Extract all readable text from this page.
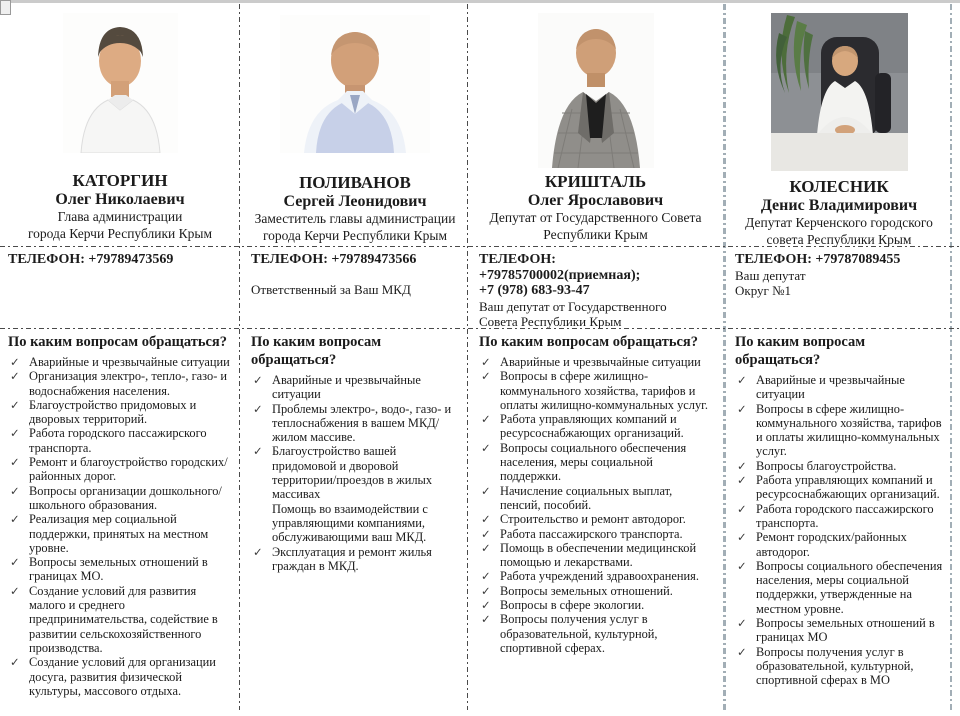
КАТОРГИН
Олег Николаевич
Глава администрации
города Керчи Республики Крым
ТЕЛЕФОН: +79789473569
По каким вопросам обращаться?
✓ Аварийные и чрезвычайные ситуации
✓ Организация электро-, тепло-, газо- и водоснабжения населения.
✓ Благоустройство придомовых и дворовых территорий.
✓ Работа городского пассажирского транспорта.
✓ Ремонт и благоустройство городских/районных дорог.
✓ Вопросы организации дошкольного/школьного образования.
✓ Реализация мер социальной поддержки, принятых на местном уровне.
✓ Вопросы земельных отношений в границах МО.
✓ Создание условий для развития малого и среднего предпринимательства, содействие в развитии сельскохозяйственного производства.
✓ Создание условий для организации досуга, развития физической культуры, массового отдыха.
ПОЛИВАНОВ
Сергей Леонидович
Заместитель главы администрации
города Керчи Республики Крым
ТЕЛЕФОН: +79789473566
Ответственный за Ваш МКД
По каким вопросам обращаться?
✓ Аварийные и чрезвычайные ситуации
✓ Проблемы электро-, водо-, газо- и теплоснабжения в вашем МКД/жилом массиве.
✓ Благоустройство вашей придомовой и дворовой территории/проездов в жилых массивах
Помощь во взаимодействии с управляющими компаниями, обслуживающими ваш МКД.
✓ Эксплуатация и ремонт жилья граждан в МКД.
КРИШТАЛЬ
Олег Ярославович
Депутат от Государственного Совета
Республики Крым
ТЕЛЕФОН: +79785700002(приемная);
+7 (978) 683-93-47
Ваш депутат от Государственного
Совета Республики Крым
По каким вопросам обращаться?
✓ Аварийные и чрезвычайные ситуации
✓ Вопросы в сфере жилищно-коммунального хозяйства, тарифов и оплаты жилищно-коммунальных услуг.
✓ Работа управляющих компаний и ресурсоснабжающих организаций.
✓ Вопросы социального обеспечения населения, меры социальной поддержки.
✓ Начисление социальных выплат, пенсий, пособий.
✓ Строительство и ремонт автодорог.
✓ Работа пассажирского транспорта.
✓ Помощь в обеспечении медицинской помощью и лекарствами.
✓ Работа учреждений здравоохранения.
✓ Вопросы земельных отношений.
✓ Вопросы в сфере экологии.
✓ Вопросы получения услуг в образовательной, культурной, спортивной сферах.
КОЛЕСНИК
Денис Владимирович
Депутат Керченского городского
совета Республики Крым
ТЕЛЕФОН: +79787089455
Ваш депутат
Округ №1
По каким вопросам обращаться?
✓ Аварийные и чрезвычайные ситуации
✓ Вопросы в сфере жилищно-коммунального хозяйства, тарифов и оплаты жилищно-коммунальных услуг.
✓ Вопросы благоустройства.
✓ Работа управляющих компаний и ресурсоснабжающих организаций.
✓ Работа городского пассажирского транспорта.
✓ Ремонт городских/районных автодорог.
✓ Вопросы социального обеспечения населения, меры социальной поддержки, утвержденные на местном уровне.
✓ Вопросы земельных отношений в границах МО
✓ Вопросы получения услуг в образовательной, культурной, спортивной сферах в МО
